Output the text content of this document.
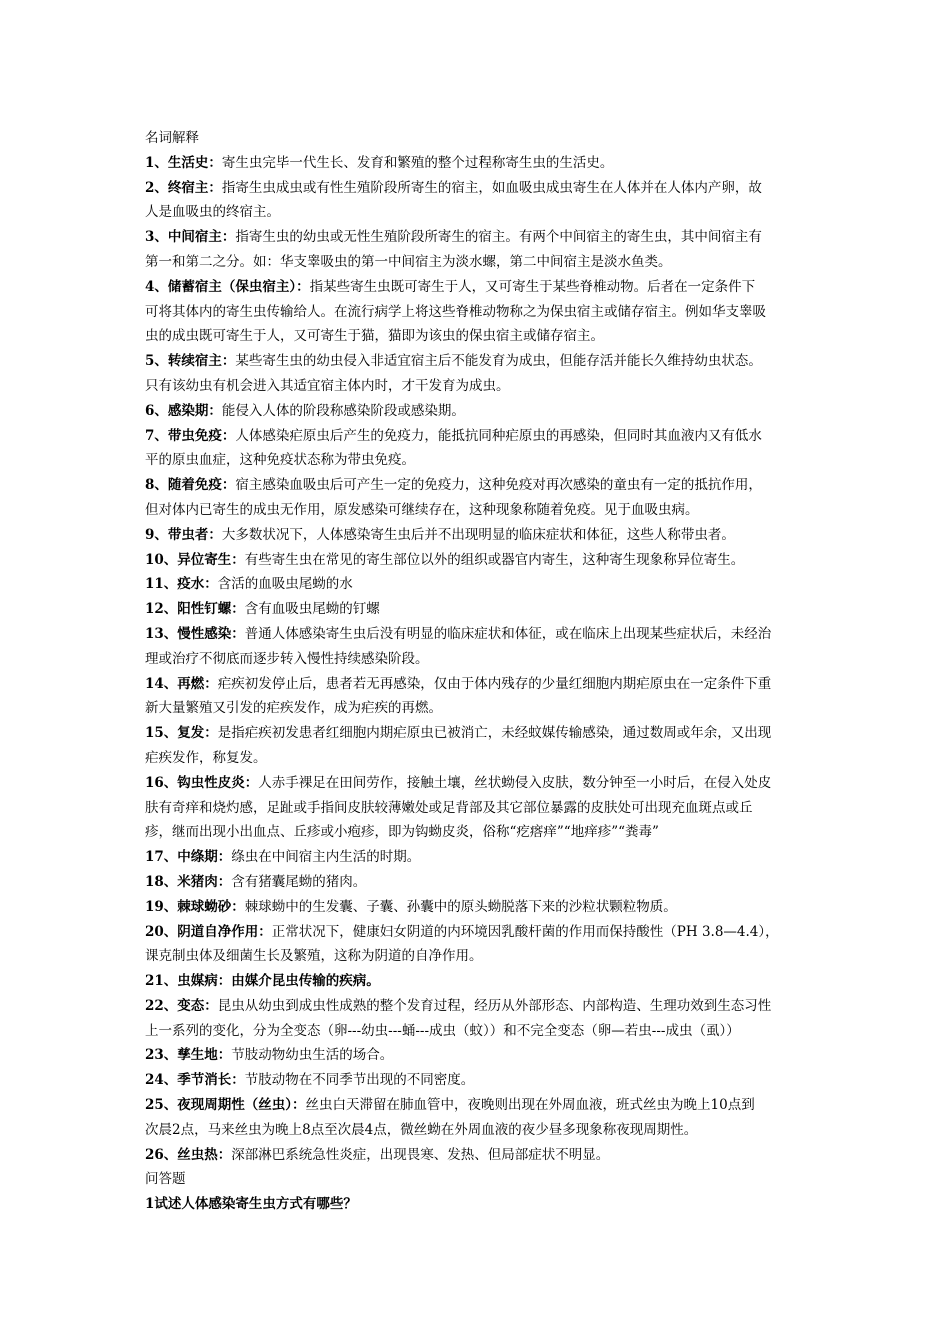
名词解释
1、生活史：寄生虫完毕一代生长、发育和繁殖的整个过程称寄生虫的生活史。
2、终宿主：指寄生虫成虫或有性生殖阶段所寄生的宿主，如血吸虫成虫寄生在人体并在人体内产卵，故
人是血吸虫的终宿主。
3、中间宿主：指寄生虫的幼虫或无性生殖阶段所寄生的宿主。有两个中间宿主的寄生虫，其中间宿主有
第一和第二之分。如：华支睾吸虫的第一中间宿主为淡水螺，第二中间宿主是淡水鱼类。
4、储蓄宿主（保虫宿主）：指某些寄生虫既可寄生于人，又可寄生于某些脊椎动物。后者在一定条件下
可将其体内的寄生虫传输给人。在流行病学上将这些脊椎动物称之为保虫宿主或储存宿主。例如华支睾吸
虫的成虫既可寄生于人，又可寄生于猫，猫即为该虫的保虫宿主或储存宿主。
5、转续宿主：某些寄生虫的幼虫侵入非适宜宿主后不能发育为成虫，但能存活并能长久维持幼虫状态。
只有该幼虫有机会进入其适宜宿主体内时，才干发育为成虫。
6、感染期：能侵入人体的阶段称感染阶段或感染期。
7、带虫免疫：人体感染疟原虫后产生的免疫力，能抵抗同种疟原虫的再感染，但同时其血液内又有低水
平的原虫血症，这种免疫状态称为带虫免疫。
8、随着免疫：宿主感染血吸虫后可产生一定的免疫力，这种免疫对再次感染的童虫有一定的抵抗作用，
但对体内已寄生的成虫无作用，原发感染可继续存在，这种现象称随着免疫。见于血吸虫病。
9、带虫者：大多数状况下，人体感染寄生虫后并不出现明显的临床症状和体征，这些人称带虫者。
10、异位寄生：有些寄生虫在常见的寄生部位以外的组织或器官内寄生，这种寄生现象称异位寄生。
11、疫水：含活的血吸虫尾蚴的水
12、阳性钉螺：含有血吸虫尾蚴的钉螺
13、慢性感染：普通人体感染寄生虫后没有明显的临床症状和体征，或在临床上出现某些症状后，未经治
理或治疗不彻底而逐步转入慢性持续感染阶段。
14、再燃：疟疾初发停止后，患者若无再感染，仅由于体内残存的少量红细胞内期疟原虫在一定条件下重
新大量繁殖又引发的疟疾发作，成为疟疾的再燃。
15、复发：是指疟疾初发患者红细胞内期疟原虫已被消亡，未经蚊媒传输感染，通过数周或年余，又出现
疟疾发作，称复发。
16、钩虫性皮炎：人赤手裸足在田间劳作，接触土壤，丝状蚴侵入皮肤，数分钟至一小时后，在侵入处皮
肤有奇痒和烧灼感，足趾或手指间皮肤较薄嫩处或足背部及其它部位暴露的皮肤处可出现充血斑点或丘
疹，继而出现小出血点、丘疹或小疱疹，即为钩蚴皮炎，俗称“疙瘩痒”“地痒疹”“粪毒”
17、中绦期：绦虫在中间宿主内生活的时期。
18、米猪肉：含有猪囊尾蚴的猪肉。
19、棘球蚴砂：棘球蚴中的生发囊、子囊、孙囊中的原头蚴脱落下来的沙粒状颗粒物质。
20、阴道自净作用：正常状况下，健康妇女阴道的内环境因乳酸杆菌的作用而保持酸性（PH 3.8—4.4），
课克制虫体及细菌生长及繁殖，这称为阴道的自净作用。
21、虫媒病：由媒介昆虫传输的疾病。
22、变态：昆虫从幼虫到成虫性成熟的整个发育过程，经历从外部形态、内部构造、生理功效到生态习性
上一系列的变化，分为全变态（卵---幼虫---蛹---成虫（蚊））和不完全变态（卵—若虫---成虫（虱））
23、孳生地：节肢动物幼虫生活的场合。
24、季节消长：节肢动物在不同季节出现的不同密度。
25、夜现周期性（丝虫）：丝虫白天滞留在肺血管中，夜晚则出现在外周血液，班式丝虫为晚上10点到
次晨2点，马来丝虫为晚上8点至次晨4点，微丝蚴在外周血液的夜少昼多现象称夜现周期性。
26、丝虫热：深部淋巴系统急性炎症，出现畏寒、发热、但局部症状不明显。
问答题
1试述人体感染寄生虫方式有哪些？
